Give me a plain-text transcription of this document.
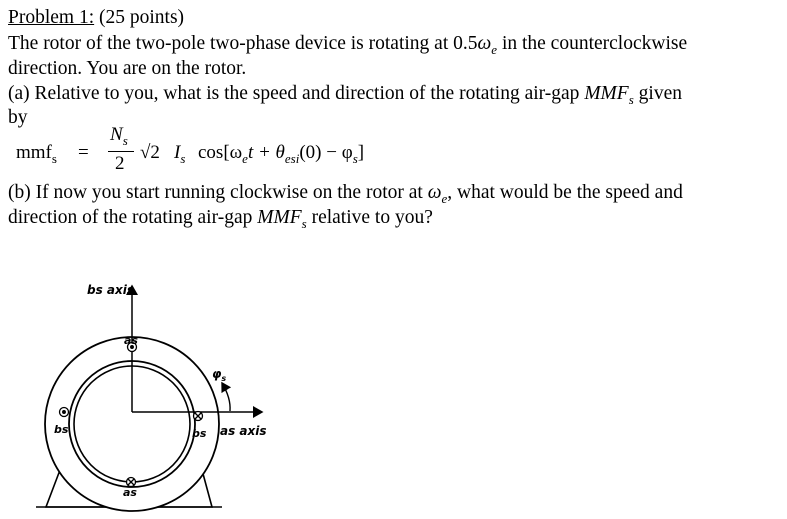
Problem 1: (25 points)
The rotor of the two-pole two-phase device is rotating at $0.5\omega_e$ in the counterclockwise
direction. You are on the rotor.
(a) Relative to you, what is the speed and direction of the rotating air-gap $MMF_s$ given
by
mmf$_s$ =
$N_s$
2
√2 $I_s$ $\cos[\omega_et + \theta_{esi}(0) - \varphi_s]$
(b) If now you start running clockwise on the rotor at $\omega_e$, what would be the speed and
direction of the rotating air-gap $MMF_s$ relative to you?
bs axis
as axis
as
as
bs	bs
$\varphi_s$
